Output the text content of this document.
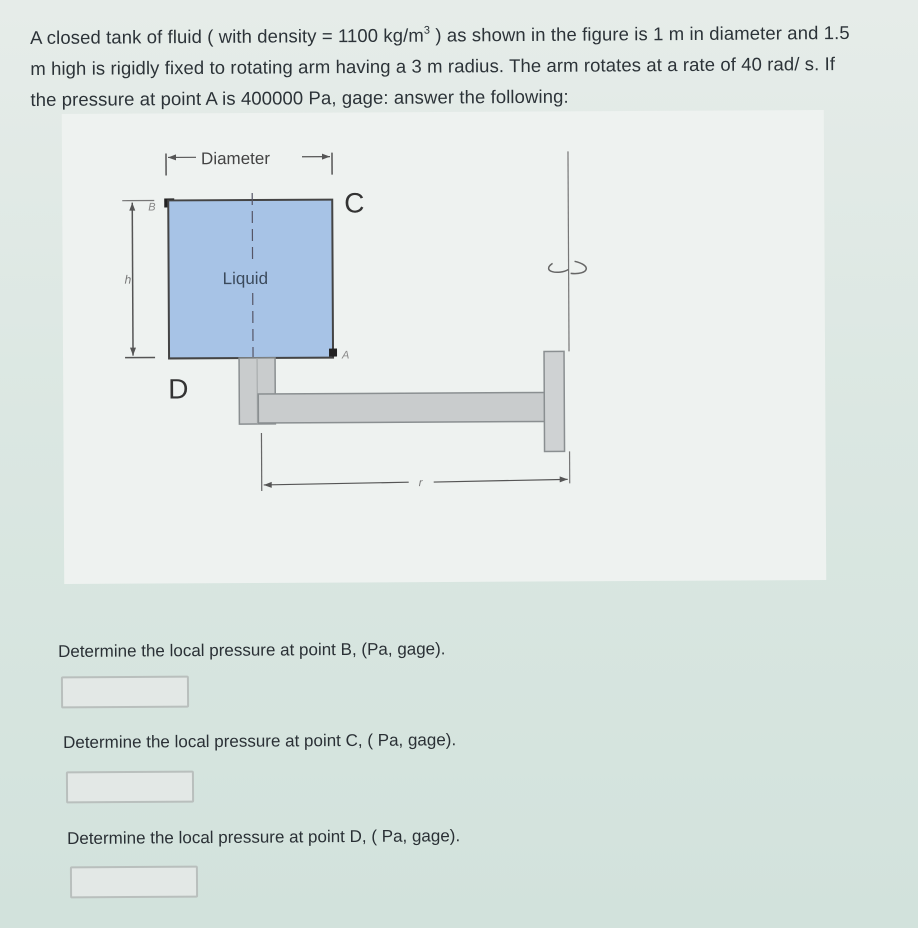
A closed tank of fluid ( with density = 1100 $kg/m^3$ ) as shown in the figure is 1 m in diameter and 1.5
m high is rigidly fixed to rotating arm having a 3 m radius. The arm rotates at a rate of 40 rad/ s. If
the pressure at point A is 400000 Pa, gage: answer the following:
Diameter
C
h
B
Liquid
A
D
r
Determine the local pressure at point B, (Pa, gage).
Determine the local pressure at point C, ( Pa, gage).
Determine the local pressure at point D, ( Pa, gage).
